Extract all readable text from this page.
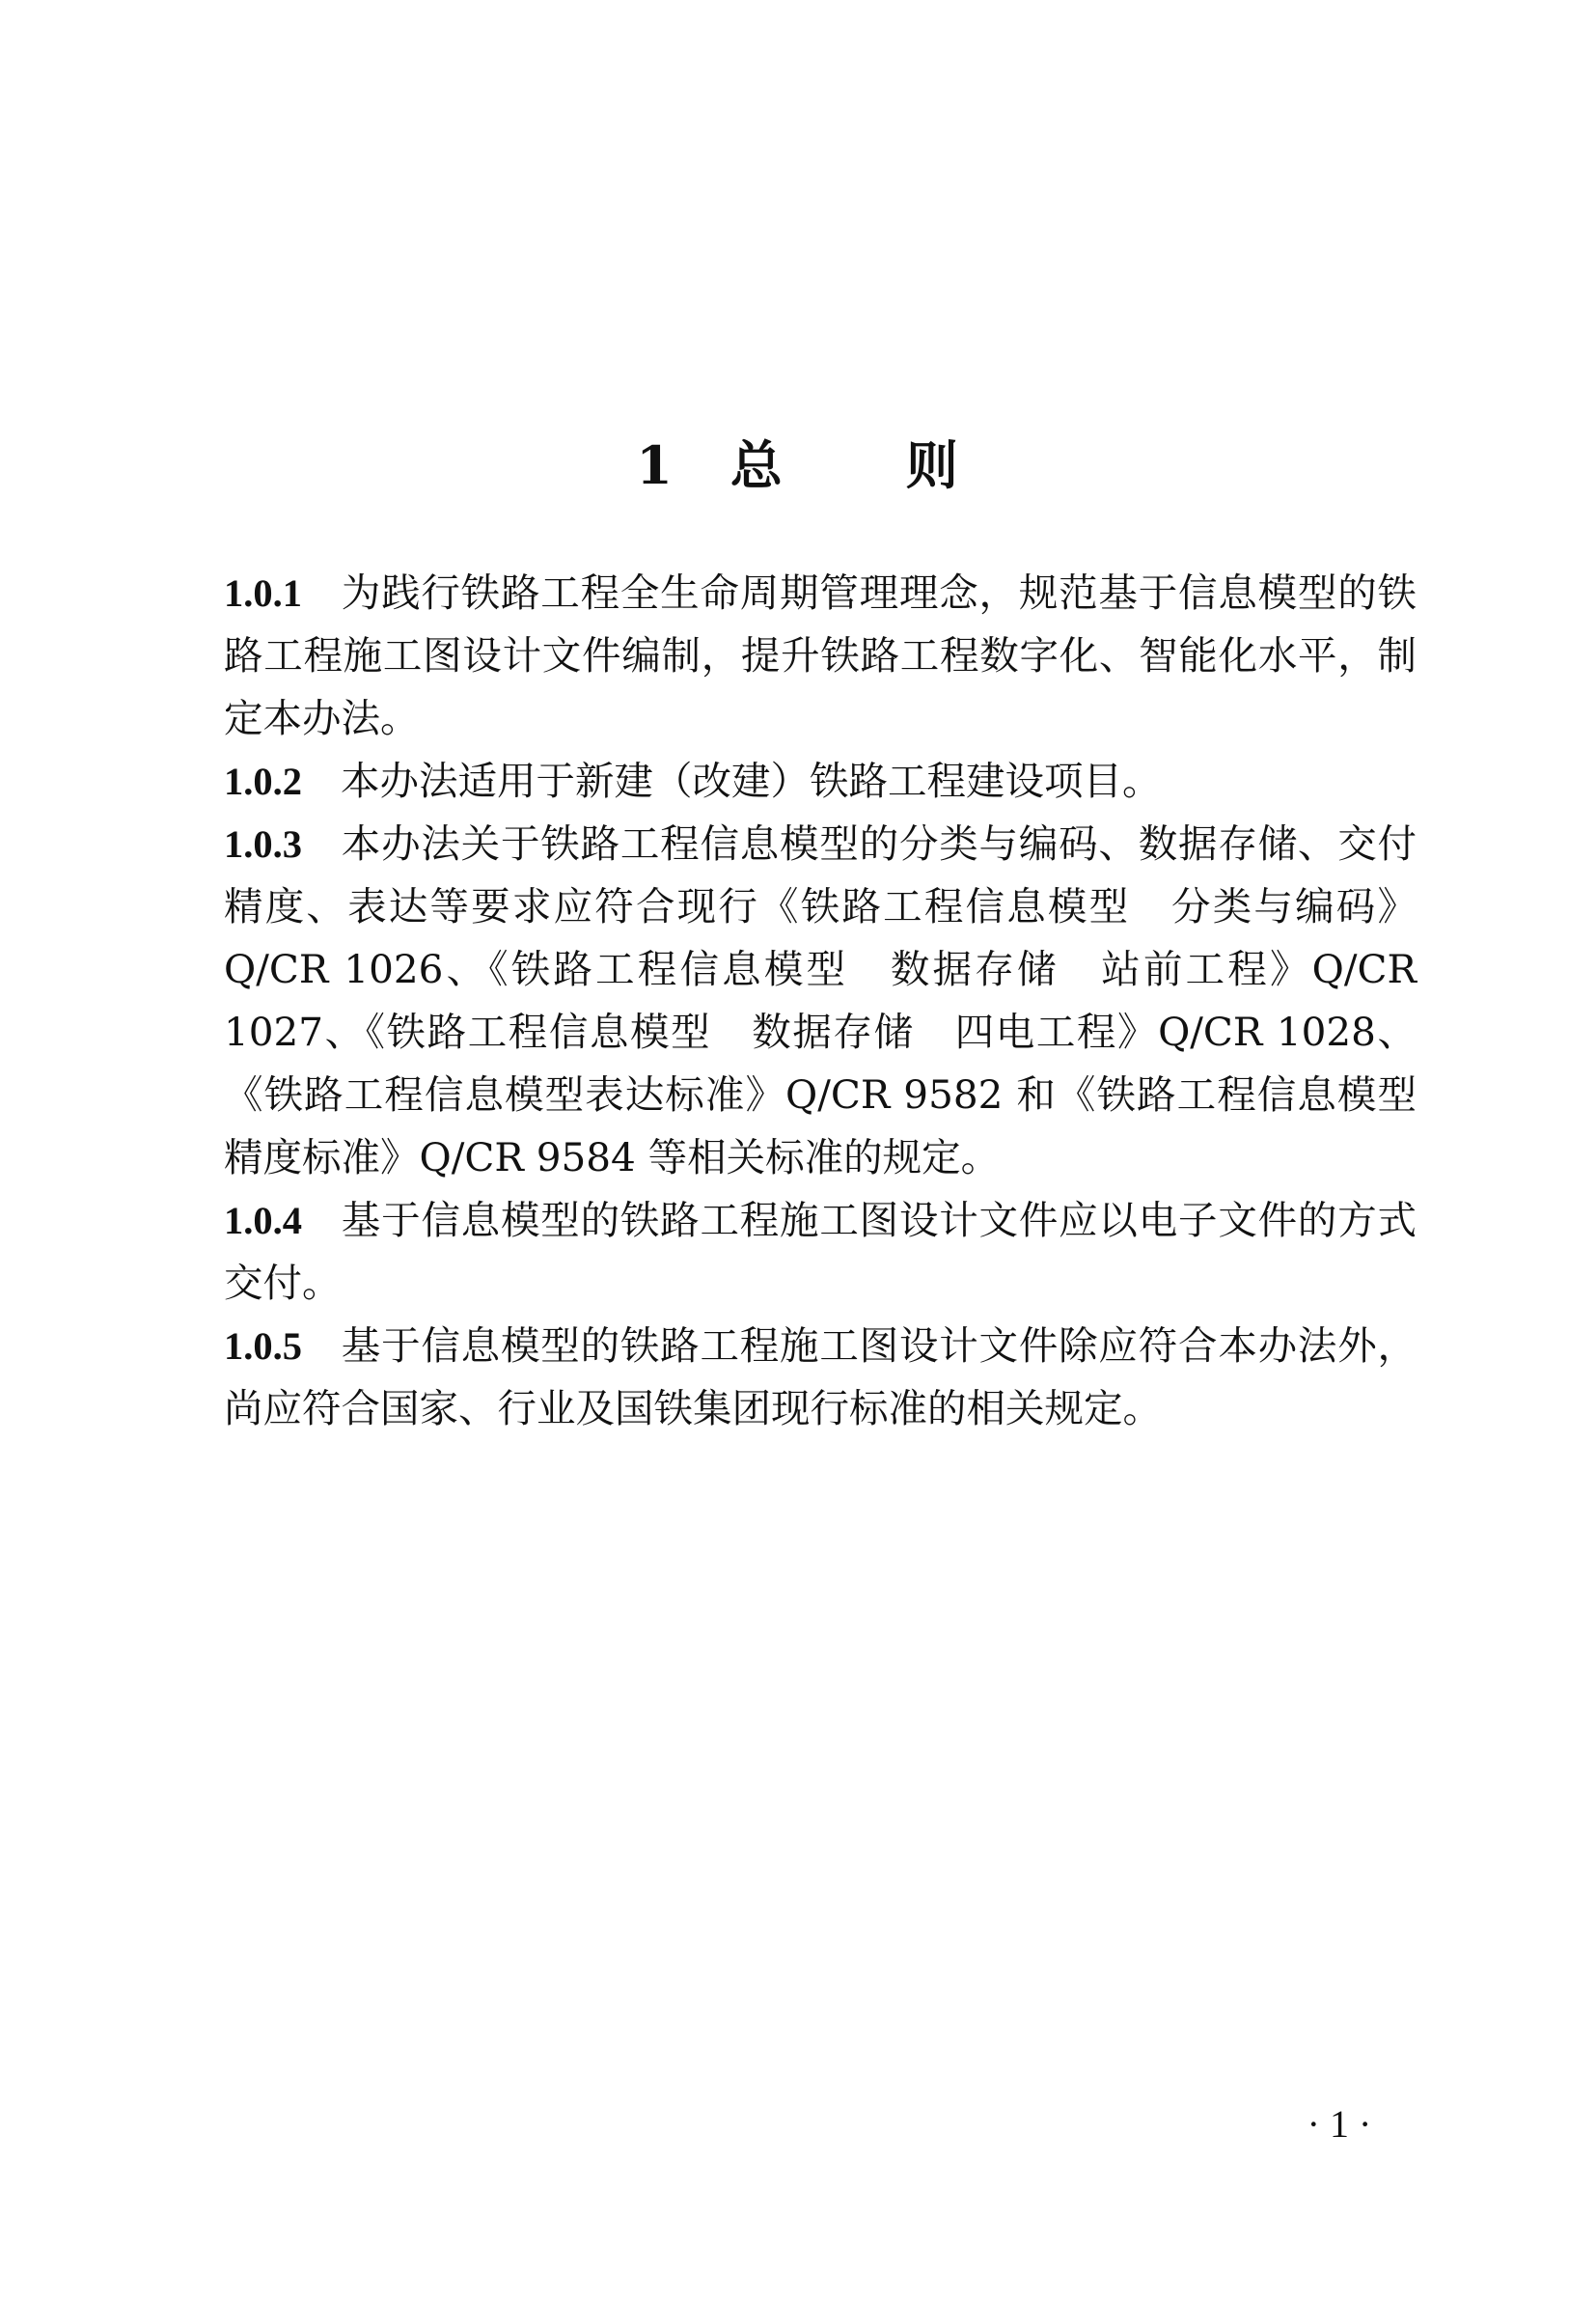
1 总 则

1.0.1 为践行铁路工程全生命周期管理理念，规范基于信息模型的铁路工程施工图设计文件编制，提升铁路工程数字化、智能化水平，制定本办法。

1.0.2 本办法适用于新建（改建）铁路工程建设项目。

1.0.3 本办法关于铁路工程信息模型的分类与编码、数据存储、交付精度、表达等要求应符合现行《铁路工程信息模型　分类与编码》Q/CR 1026、《铁路工程信息模型　数据存储　站前工程》Q/CR 1027、《铁路工程信息模型　数据存储　四电工程》Q/CR 1028、《铁路工程信息模型表达标准》Q/CR 9582 和《铁路工程信息模型精度标准》Q/CR 9584 等相关标准的规定。

1.0.4 基于信息模型的铁路工程施工图设计文件应以电子文件的方式交付。

1.0.5 基于信息模型的铁路工程施工图设计文件除应符合本办法外，尚应符合国家、行业及国铁集团现行标准的相关规定。

· 1 ·
